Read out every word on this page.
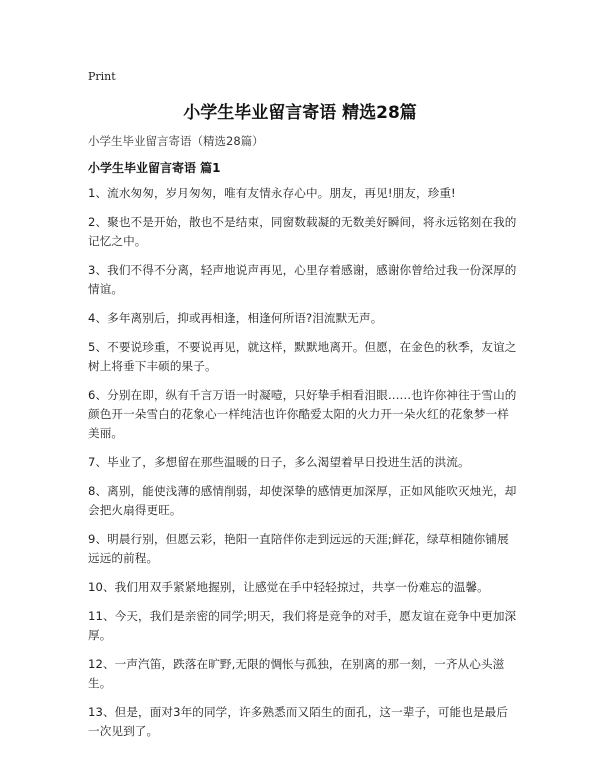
Print
小学生毕业留言寄语 精选28篇
小学生毕业留言寄语（精选28篇）
小学生毕业留言寄语 篇1

1、流水匆匆，岁月匆匆，唯有友情永存心中。朋友，再见!朋友，珍重!

2、聚也不是开始，散也不是结束，同窗数载凝的无数美好瞬间，将永远铭刻在我的记忆之中。

3、我们不得不分离，轻声地说声再见，心里存着感谢，感谢你曾给过我一份深厚的情谊。

4、多年离别后，抑或再相逢，相逢何所语?泪流默无声。

5、不要说珍重，不要说再见，就这样，默默地离开。但愿，在金色的秋季，友谊之树上将垂下丰硕的果子。

6、分别在即，纵有千言万语一时凝噎，只好挚手相看泪眼……也许你神往于雪山的颜色开一朵雪白的花象心一样纯洁也许你酷爱太阳的火力开一朵火红的花象梦一样美丽。

7、毕业了，多想留在那些温暖的日子，多么渴望着早日投进生活的洪流。

8、离别，能使浅薄的感情削弱，却使深挚的感情更加深厚，正如风能吹灭烛光，却会把火扇得更旺。

9、明晨行别，但愿云彩，艳阳一直陪伴你走到远远的天涯;鲜花，绿草相随你铺展远远的前程。

10、我们用双手紧紧地握别，让感觉在手中轻轻掠过，共享一份难忘的温馨。

11、今天，我们是亲密的同学;明天，我们将是竞争的对手，愿友谊在竞争中更加深厚。

12、一声汽笛，跌落在旷野,无限的惆怅与孤独，在别离的那一刻，一齐从心头滋生。

13、但是，面对3年的同学，许多熟悉而又陌生的面孔，这一辈子，可能也是最后一次见到了。
